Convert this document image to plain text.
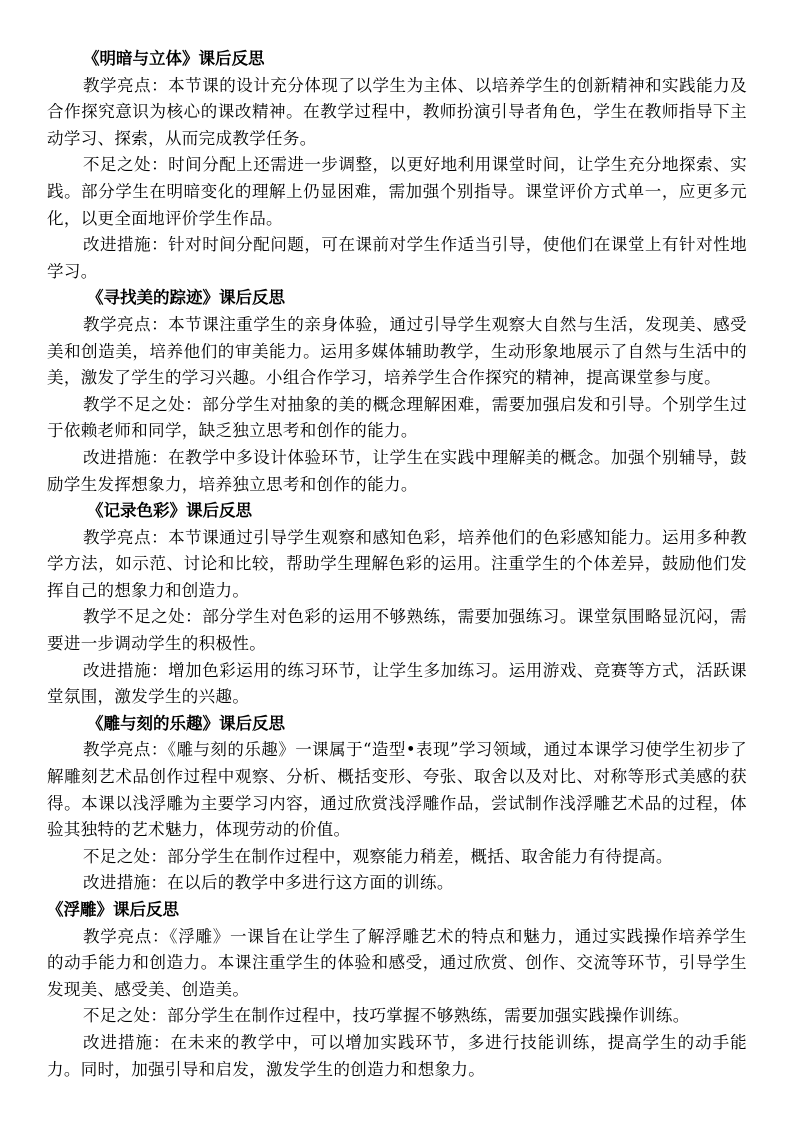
《明暗与立体》课后反思

教学亮点：本节课的设计充分体现了以学生为主体、以培养学生的创新精神和实践能力及合作探究意识为核心的课改精神。在教学过程中，教师扮演引导者角色，学生在教师指导下主动学习、探索，从而完成教学任务。

不足之处：时间分配上还需进一步调整，以更好地利用课堂时间，让学生充分地探索、实践。部分学生在明暗变化的理解上仍显困难，需加强个别指导。课堂评价方式单一，应更多元化，以更全面地评价学生作品。

改进措施：针对时间分配问题，可在课前对学生作适当引导，使他们在课堂上有针对性地学习。

《寻找美的踪迹》课后反思

教学亮点：本节课注重学生的亲身体验，通过引导学生观察大自然与生活，发现美、感受美和创造美，培养他们的审美能力。运用多媒体辅助教学，生动形象地展示了自然与生活中的美，激发了学生的学习兴趣。小组合作学习，培养学生合作探究的精神，提高课堂参与度。

教学不足之处：部分学生对抽象的美的概念理解困难，需要加强启发和引导。个别学生过于依赖老师和同学，缺乏独立思考和创作的能力。

改进措施：在教学中多设计体验环节，让学生在实践中理解美的概念。加强个别辅导，鼓励学生发挥想象力，培养独立思考和创作的能力。

《记录色彩》课后反思

教学亮点：本节课通过引导学生观察和感知色彩，培养他们的色彩感知能力。运用多种教学方法，如示范、讨论和比较，帮助学生理解色彩的运用。注重学生的个体差异，鼓励他们发挥自己的想象力和创造力。

教学不足之处：部分学生对色彩的运用不够熟练，需要加强练习。课堂氛围略显沉闷，需要进一步调动学生的积极性。

改进措施：增加色彩运用的练习环节，让学生多加练习。运用游戏、竞赛等方式，活跃课堂氛围，激发学生的兴趣。

《雕与刻的乐趣》课后反思

教学亮点：《雕与刻的乐趣》一课属于“造型•表现”学习领域，通过本课学习使学生初步了解雕刻艺术品创作过程中观察、分析、概括变形、夸张、取舍以及对比、对称等形式美感的获得。本课以浅浮雕为主要学习内容，通过欣赏浅浮雕作品，尝试制作浅浮雕艺术品的过程，体验其独特的艺术魅力，体现劳动的价值。

不足之处：部分学生在制作过程中，观察能力稍差，概括、取舍能力有待提高。

改进措施：在以后的教学中多进行这方面的训练。

《浮雕》课后反思

教学亮点：《浮雕》一课旨在让学生了解浮雕艺术的特点和魅力，通过实践操作培养学生的动手能力和创造力。本课注重学生的体验和感受，通过欣赏、创作、交流等环节，引导学生发现美、感受美、创造美。

不足之处：部分学生在制作过程中，技巧掌握不够熟练，需要加强实践操作训练。

改进措施：在未来的教学中，可以增加实践环节，多进行技能训练，提高学生的动手能力。同时，加强引导和启发，激发学生的创造力和想象力。
